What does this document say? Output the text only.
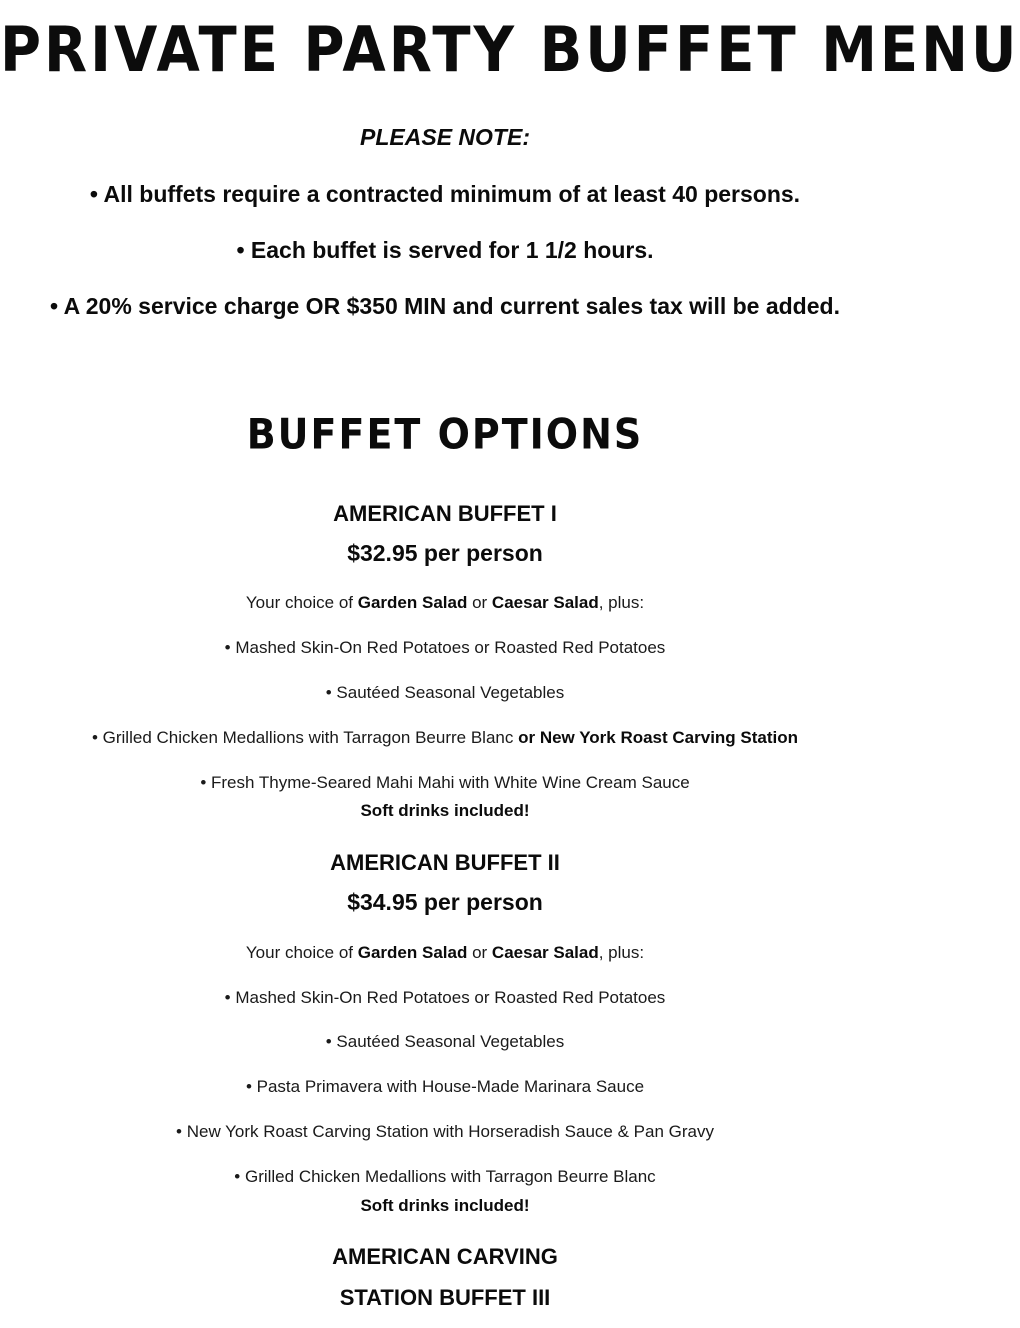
PRIVATE PARTY BUFFET MENU
PLEASE NOTE:
• All buffets require a contracted minimum of at least 40 persons.
• Each buffet is served for 1 1/2 hours.
• A 20% service charge OR $350 MIN and current sales tax will be added.
BUFFET OPTIONS
AMERICAN BUFFET I
$32.95 per person
Your choice of Garden Salad or Caesar Salad, plus:
• Mashed Skin-On Red Potatoes or Roasted Red Potatoes
• Sautéed Seasonal Vegetables
• Grilled Chicken Medallions with Tarragon Beurre Blanc or New York Roast Carving Station
• Fresh Thyme-Seared Mahi Mahi with White Wine Cream Sauce
Soft drinks included!
AMERICAN BUFFET II
$34.95 per person
Your choice of Garden Salad or Caesar Salad, plus:
• Mashed Skin-On Red Potatoes or Roasted Red Potatoes
• Sautéed Seasonal Vegetables
• Pasta Primavera with House-Made Marinara Sauce
• New York Roast Carving Station with Horseradish Sauce & Pan Gravy
• Grilled Chicken Medallions with Tarragon Beurre Blanc
Soft drinks included!
AMERICAN CARVING
STATION BUFFET III
